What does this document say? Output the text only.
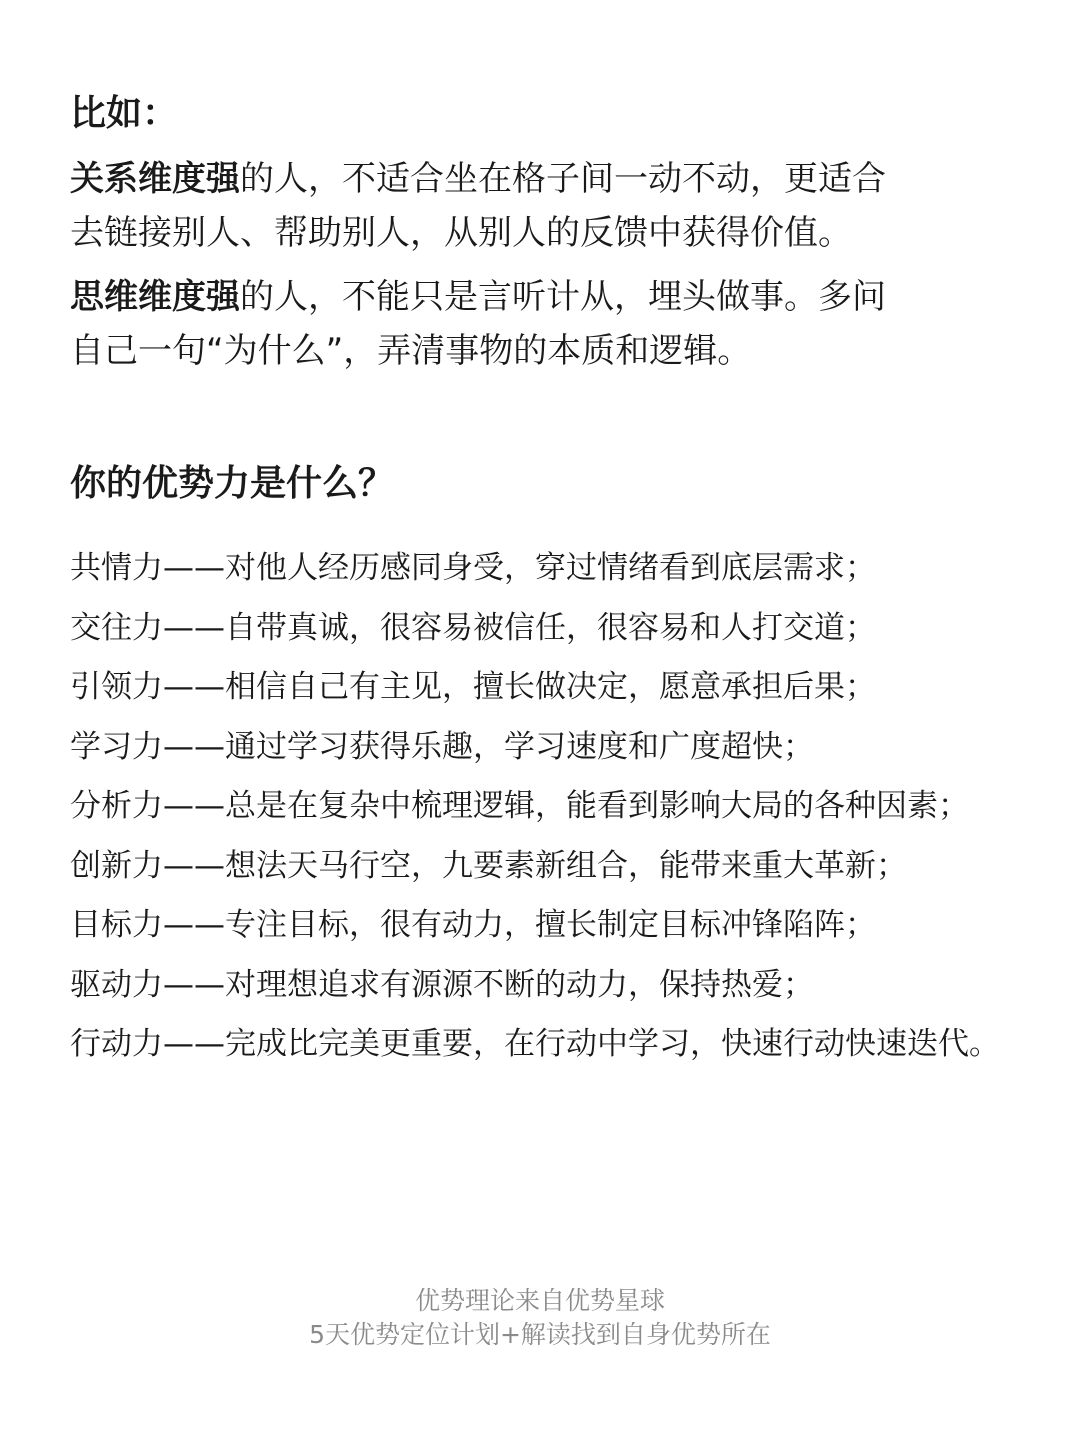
比如：
关系维度强的人，不适合坐在格子间一动不动，更适合
去链接别人、帮助别人，从别人的反馈中获得价值。
思维维度强的人，不能只是言听计从，埋头做事。多问
自己一句“为什么”，弄清事物的本质和逻辑。
你的优势力是什么？
共情力——对他人经历感同身受，穿过情绪看到底层需求；
交往力——自带真诚，很容易被信任，很容易和人打交道；
引领力——相信自己有主见，擅长做决定，愿意承担后果；
学习力——通过学习获得乐趣，学习速度和广度超快；
分析力——总是在复杂中梳理逻辑，能看到影响大局的各种因素；
创新力——想法天马行空，九要素新组合，能带来重大革新；
目标力——专注目标，很有动力，擅长制定目标冲锋陷阵；
驱动力——对理想追求有源源不断的动力，保持热爱；
行动力——完成比完美更重要，在行动中学习，快速行动快速迭代。
优势理论来自优势星球
5天优势定位计划+解读找到自身优势所在
